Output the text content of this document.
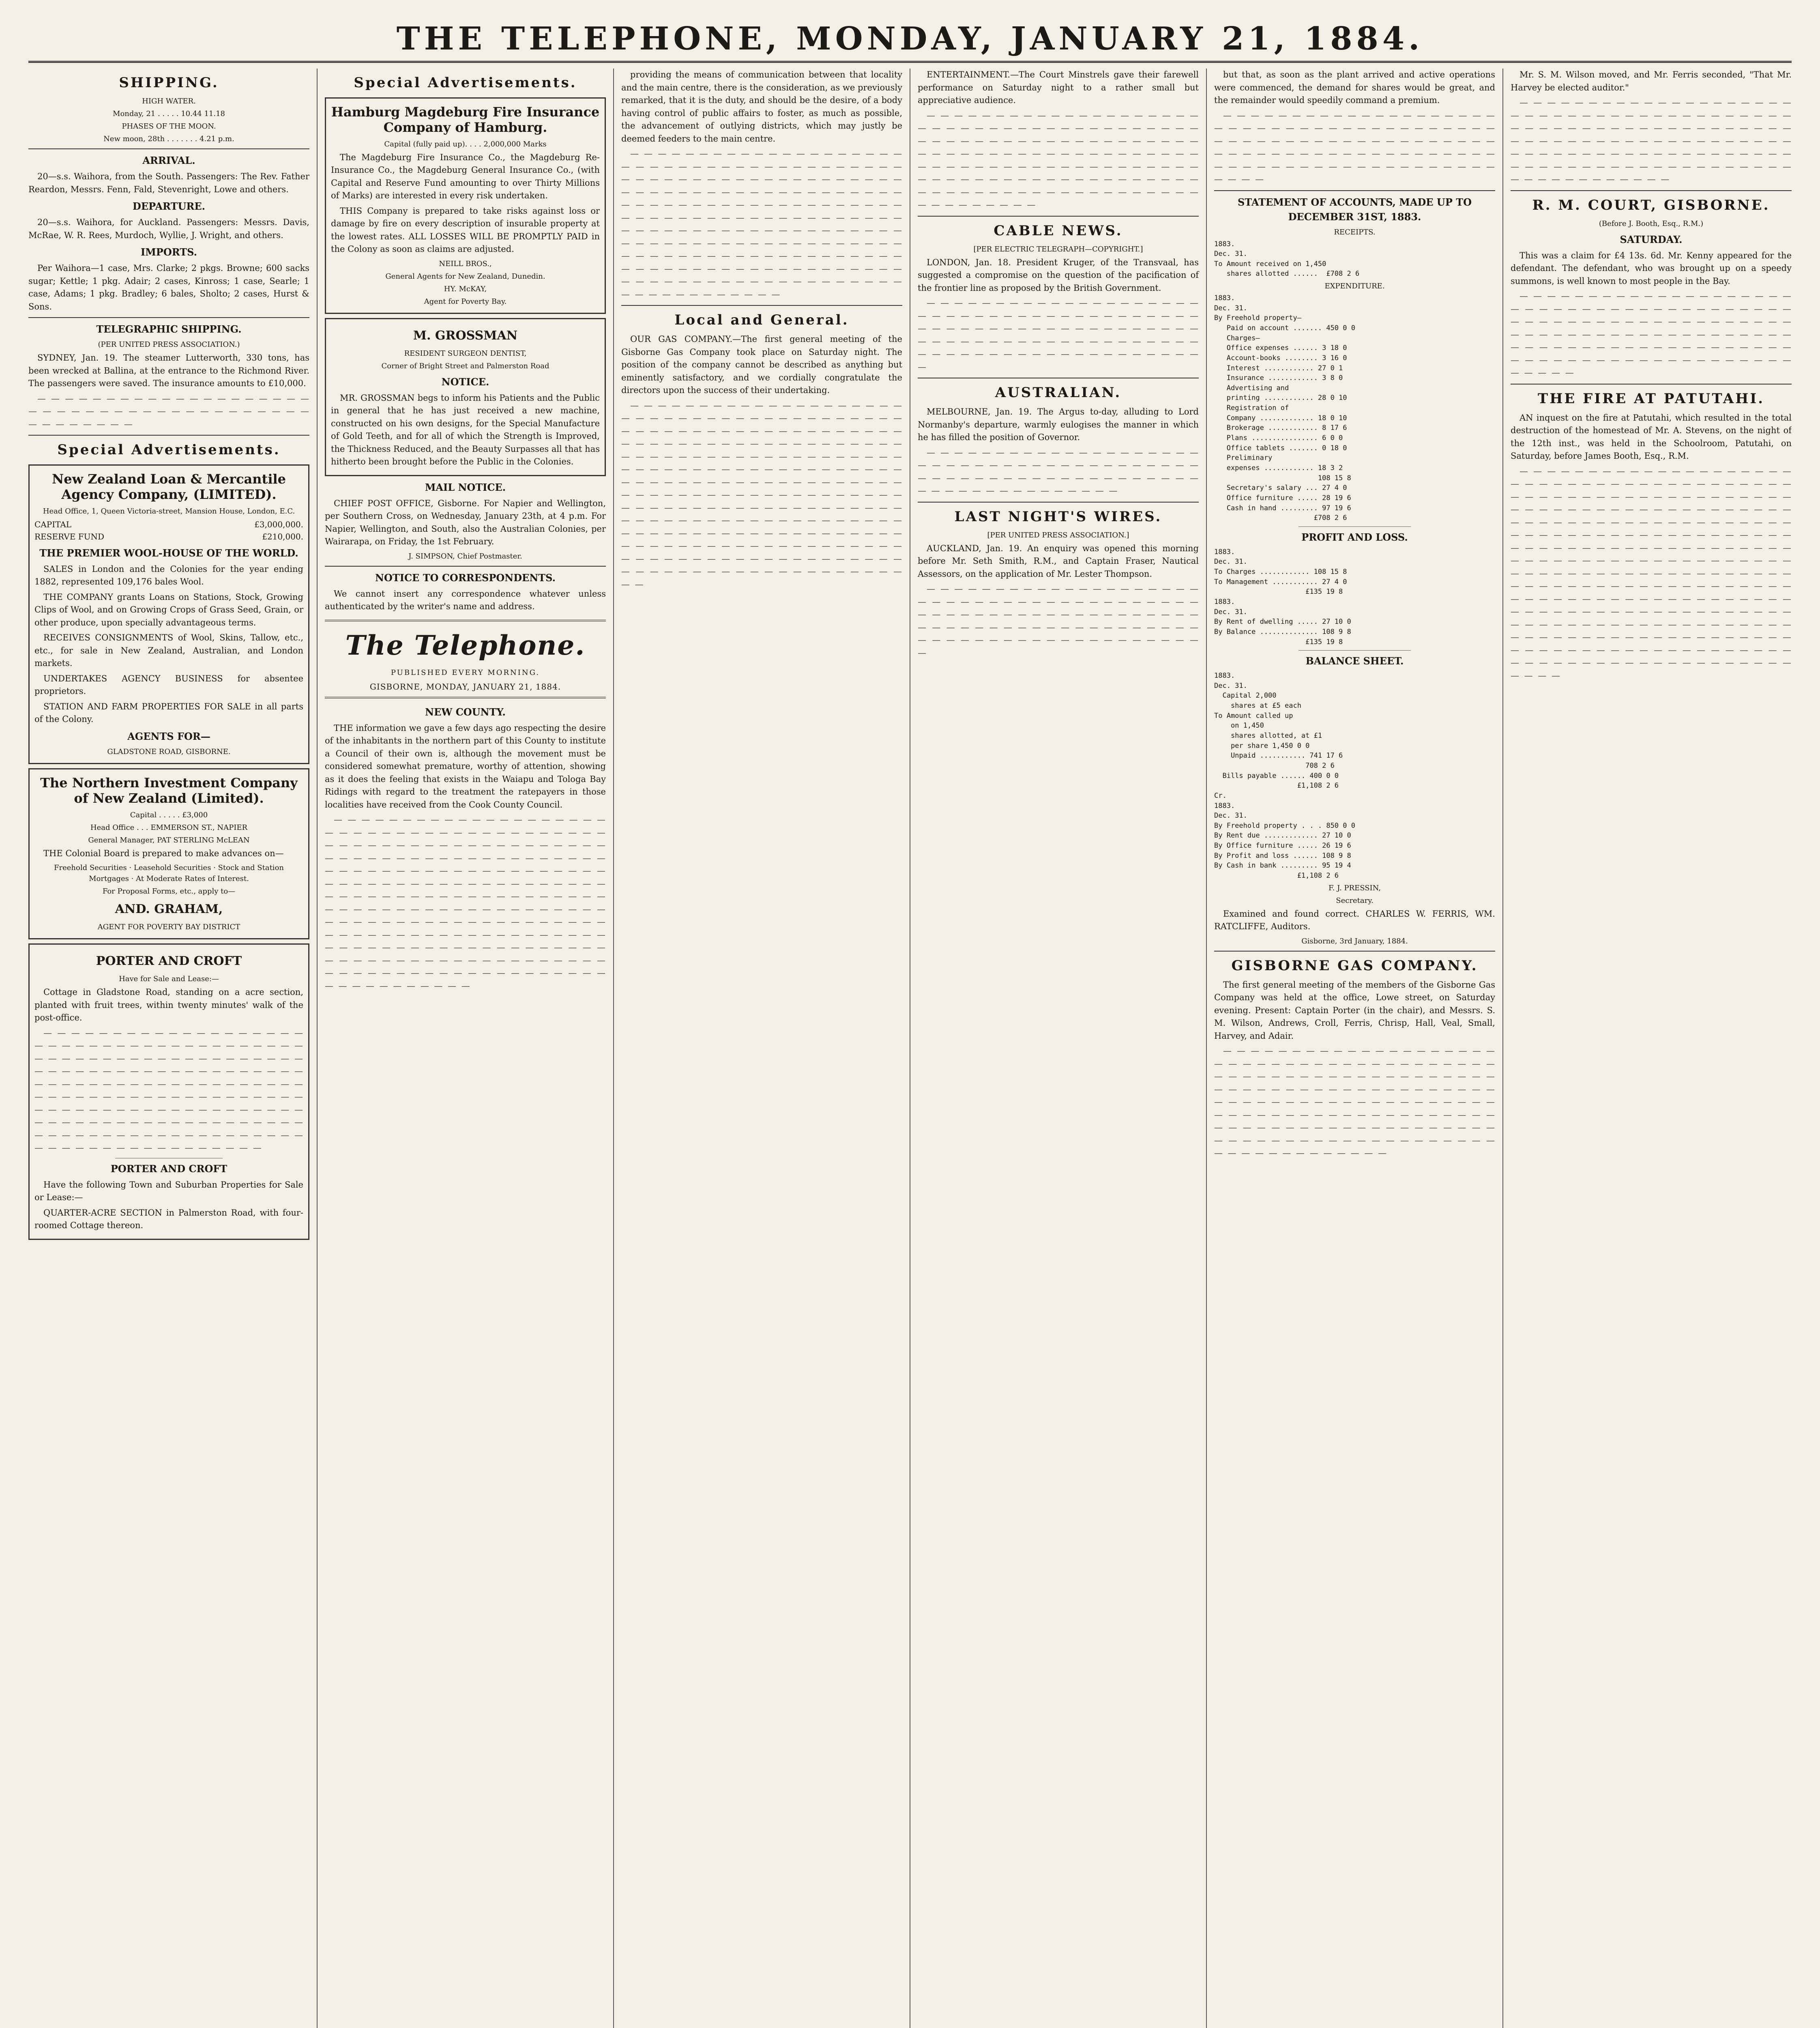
THE TELEPHONE, MONDAY, JANUARY 21, 1884.
SHIPPING.
HIGH WATER.
Monday, 21 . . . . . 10.44 11.18
PHASES OF THE MOON.
New moon, 28th . . . . . . . 4.21 p.m.
ARRIVAL.

20—s.s. Waihora, from the South. Passengers: The Rev. Father Reardon, Messrs. Fenn, Fald, Stevenright, Lowe and others.

DEPARTURE.

20—s.s. Waihora, for Auckland. Passengers: Messrs. Davis, McRae, W. R. Rees, Murdoch, Wyllie, J. Wright, and others.

IMPORTS.

Per Waihora—1 case, Mrs. Clarke; 2 pkgs. Browne; 600 sacks sugar; Kettle; 1 pkg. Adair; 2 cases, Kinross; 1 case, Searle; 1 case, Adams; 1 pkg. Bradley; 6 bales, Sholto; 2 cases, Hurst & Sons.

TELEGRAPHIC SHIPPING.
(PER UNITED PRESS ASSOCIATION.)

SYDNEY, Jan. 19. The steamer Lutterworth, 330 tons, has been wrecked at Ballina, at the entrance to the Richmond River. The passengers were saved. The insurance amounts to £10,000.

— — — — — — — — — — — — — — — — — — — — — — — — — — — — — — — — — — — — — — — — — — — — — — — —

Special Advertisements.
New Zealand Loan & Mercantile Agency Company, (LIMITED).
Head Office, 1, Queen Victoria-street, Mansion House, London, E.C.
CAPITAL	£3,000,000.
RESERVE FUND	£210,000.
THE PREMIER WOOL-HOUSE OF THE WORLD.

SALES in London and the Colonies for the year ending 1882, represented 109,176 bales Wool.

THE COMPANY grants Loans on Stations, Stock, Growing Clips of Wool, and on Growing Crops of Grass Seed, Grain, or other produce, upon specially advantageous terms.

RECEIVES CONSIGNMENTS of Wool, Skins, Tallow, etc., etc., for sale in New Zealand, Australian, and London markets.

UNDERTAKES AGENCY BUSINESS for absentee proprietors.

STATION AND FARM PROPERTIES FOR SALE in all parts of the Colony.

AGENTS FOR—
GLADSTONE ROAD, GISBORNE.
The Northern Investment Company of New Zealand (Limited).
Capital . . . . . £3,000
Head Office . . . EMMERSON ST., NAPIER
General Manager, PAT STERLING McLEAN

THE Colonial Board is prepared to make advances on—

Freehold Securities · Leasehold Securities · Stock and Station Mortgages · At Moderate Rates of Interest.
For Proposal Forms, etc., apply to—
AND. GRAHAM,
AGENT FOR POVERTY BAY DISTRICT
PORTER AND CROFT
Have for Sale and Lease:—

Cottage in Gladstone Road, standing on a acre section, planted with fruit trees, within twenty minutes' walk of the post-office.

— — — — — — — — — — — — — — — — — — — — — — — — — — — — — — — — — — — — — — — — — — — — — — — — — — — — — — — — — — — — — — — — — — — — — — — — — — — — — — — — — — — — — — — — — — — — — — — — — — — — — — — — — — — — — — — — — — — — — — — — — — — — — — — — — — — — — — — — — — — — — — — — — — — — — — — — — — — — — — — — — — — — — — — — — — — — — — — — — — — — — — — — — — — — — — — — — — — —

PORTER AND CROFT

Have the following Town and Suburban Properties for Sale or Lease:—

QUARTER-ACRE SECTION in Palmerston Road, with four-roomed Cottage thereon.

Special Advertisements.
Hamburg Magdeburg Fire Insurance Company of Hamburg.
Capital (fully paid up). . . . 2,000,000 Marks

The Magdeburg Fire Insurance Co., the Magdeburg Re-Insurance Co., the Magdeburg General Insurance Co., (with Capital and Reserve Fund amounting to over Thirty Millions of Marks) are interested in every risk undertaken.

THIS Company is prepared to take risks against loss or damage by fire on every description of insurable property at the lowest rates. ALL LOSSES WILL BE PROMPTLY PAID in the Colony as soon as claims are adjusted.

NEILL BROS.,
General Agents for New Zealand, Dunedin.
HY. McKAY,
Agent for Poverty Bay.
M. GROSSMAN
RESIDENT SURGEON DENTIST,
Corner of Bright Street and Palmerston Road
NOTICE.

MR. GROSSMAN begs to inform his Patients and the Public in general that he has just received a new machine, constructed on his own designs, for the Special Manufacture of Gold Teeth, and for all of which the Strength is Improved, the Thickness Reduced, and the Beauty Surpasses all that has hitherto been brought before the Public in the Colonies.

MAIL NOTICE.

CHIEF POST OFFICE, Gisborne. For Napier and Wellington, per Southern Cross, on Wednesday, January 23th, at 4 p.m. For Napier, Wellington, and South, also the Australian Colonies, per Wairarapa, on Friday, the 1st February.

J. SIMPSON, Chief Postmaster.
NOTICE TO CORRESPONDENTS.

We cannot insert any correspondence whatever unless authenticated by the writer's name and address.

The Telephone.
PUBLISHED EVERY MORNING.
GISBORNE, MONDAY, JANUARY 21, 1884.
NEW COUNTY.

THE information we gave a few days ago respecting the desire of the inhabitants in the northern part of this County to institute a Council of their own is, although the movement must be considered somewhat premature, worthy of attention, showing as it does the feeling that exists in the Waiapu and Tologa Bay Ridings with regard to the treatment the ratepayers in those localities have received from the Cook County Council.

— — — — — — — — — — — — — — — — — — — — — — — — — — — — — — — — — — — — — — — — — — — — — — — — — — — — — — — — — — — — — — — — — — — — — — — — — — — — — — — — — — — — — — — — — — — — — — — — — — — — — — — — — — — — — — — — — — — — — — — — — — — — — — — — — — — — — — — — — — — — — — — — — — — — — — — — — — — — — — — — — — — — — — — — — — — — — — — — — — — — — — — — — — — — — — — — — — — — — — — — — — — — — — — — — — — — — — — — — — — — — — — — — — — — — — — — — — — — — — — — — — — — — — — — — — — — — — — — — — — — — — — — — — — — — — —

providing the means of communication between that locality and the main centre, there is the consideration, as we previously remarked, that it is the duty, and should be the desire, of a body having control of public affairs to foster, as much as possible, the advancement of outlying districts, which may justly be deemed feeders to the main centre.

— — — — — — — — — — — — — — — — — — — — — — — — — — — — — — — — — — — — — — — — — — — — — — — — — — — — — — — — — — — — — — — — — — — — — — — — — — — — — — — — — — — — — — — — — — — — — — — — — — — — — — — — — — — — — — — — — — — — — — — — — — — — — — — — — — — — — — — — — — — — — — — — — — — — — — — — — — — — — — — — — — — — — — — — — — — — — — — — — — — — — — — — — — — — — — — — — — — — — — — — — — — — — — — — — — — — — — — — — — — — — — — — — — — — — — — —

Local and General.

OUR GAS COMPANY.—The first general meeting of the Gisborne Gas Company took place on Saturday night. The position of the company cannot be described as anything but eminently satisfactory, and we cordially congratulate the directors upon the success of their undertaking.

— — — — — — — — — — — — — — — — — — — — — — — — — — — — — — — — — — — — — — — — — — — — — — — — — — — — — — — — — — — — — — — — — — — — — — — — — — — — — — — — — — — — — — — — — — — — — — — — — — — — — — — — — — — — — — — — — — — — — — — — — — — — — — — — — — — — — — — — — — — — — — — — — — — — — — — — — — — — — — — — — — — — — — — — — — — — — — — — — — — — — — — — — — — — — — — — — — — — — — — — — — — — — — — — — — — — — — — — — — — — — — — — — — — — — — — — — — — — — — — — — — — — — — — — — — — — — — — — — — — — — — — — — — — — — — — — — — — — — — — — — —

ENTERTAINMENT.—The Court Minstrels gave their farewell performance on Saturday night to a rather small but appreciative audience.

— — — — — — — — — — — — — — — — — — — — — — — — — — — — — — — — — — — — — — — — — — — — — — — — — — — — — — — — — — — — — — — — — — — — — — — — — — — — — — — — — — — — — — — — — — — — — — — — — — — — — — — — — — — — — — — — — — — — — — — — — — — — — — — — — — — — — — — — — — — — — — — — — — — — —

CABLE NEWS.
[PER ELECTRIC TELEGRAPH—COPYRIGHT.]

LONDON, Jan. 18. President Kruger, of the Transvaal, has suggested a compromise on the question of the pacification of the frontier line as proposed by the British Government.

— — — — — — — — — — — — — — — — — — — — — — — — — — — — — — — — — — — — — — — — — — — — — — — — — — — — — — — — — — — — — — — — — — — — — — — — — — — — — — — — — — — — — — — — — — — — — — — — — — — — —

AUSTRALIAN.

MELBOURNE, Jan. 19. The Argus to-day, alluding to Lord Normanby's departure, warmly eulogises the manner in which he has filled the position of Governor.

— — — — — — — — — — — — — — — — — — — — — — — — — — — — — — — — — — — — — — — — — — — — — — — — — — — — — — — — — — — — — — — — — — — — — — — — — — —

LAST NIGHT'S WIRES.
[PER UNITED PRESS ASSOCIATION.]

AUCKLAND, Jan. 19. An enquiry was opened this morning before Mr. Seth Smith, R.M., and Captain Fraser, Nautical Assessors, on the application of Mr. Lester Thompson.

— — — — — — — — — — — — — — — — — — — — — — — — — — — — — — — — — — — — — — — — — — — — — — — — — — — — — — — — — — — — — — — — — — — — — — — — — — — — — — — — — — — — — — — — — — — — — — — — — — — — —

but that, as soon as the plant arrived and active operations were commenced, the demand for shares would be great, and the remainder would speedily command a premium.

— — — — — — — — — — — — — — — — — — — — — — — — — — — — — — — — — — — — — — — — — — — — — — — — — — — — — — — — — — — — — — — — — — — — — — — — — — — — — — — — — — — — — — — — — — — — — — — — — — — — — — — —

STATEMENT OF ACCOUNTS, MADE UP TO DECEMBER 31ST, 1883.
RECEIPTS.
1883.
Dec. 31.
To Amount received on 1,450
shares allotted ......  £708 2 6
EXPENDITURE.
1883.
Dec. 31.
By Freehold property—
Paid on account ....... 450 0 0
Charges—
Office expenses ...... 3 18 0
Account-books ........ 3 16 0
Interest ............ 27 0 1
Insurance ............ 3 8 0
Advertising and
printing ............ 28 0 10
Registration of
Company ............. 18 0 10
Brokerage ............ 8 17 6
Plans ................ 6 0 0
Office tablets ....... 0 18 0
Preliminary
expenses ............ 18 3 2
108 15 8
Secretary's salary ... 27 4 0
Office furniture ..... 28 19 6
Cash in hand ......... 97 19 6
£708 2 6
PROFIT AND LOSS.
1883.
Dec. 31.
To Charges ............ 108 15 8
To Management ........... 27 4 0
£135 19 8
1883.
Dec. 31.
By Rent of dwelling ..... 27 10 0
By Balance .............. 108 9 8
£135 19 8
BALANCE SHEET.
1883.
Dec. 31.
Capital 2,000
shares at £5 each
To Amount called up
on 1,450
shares allotted, at £1
per share 1,450 0 0
Unpaid ........... 741 17 6
708 2 6
Bills payable ...... 400 0 0
£1,108 2 6
Cr.
1883.
Dec. 31.
By Freehold property . . . 850 0 0
By Rent due ............. 27 10 0
By Office furniture ..... 26 19 6
By Profit and loss ...... 108 9 8
By Cash in bank ......... 95 19 4
£1,108 2 6
F. J. PRESSIN,
Secretary.

Examined and found correct. CHARLES W. FERRIS, WM. RATCLIFFE, Auditors.

Gisborne, 3rd January, 1884.
GISBORNE GAS COMPANY.

The first general meeting of the members of the Gisborne Gas Company was held at the office, Lowe street, on Saturday evening. Present: Captain Porter (in the chair), and Messrs. S. M. Wilson, Andrews, Croll, Ferris, Chrisp, Hall, Veal, Small, Harvey, and Adair.

— — — — — — — — — — — — — — — — — — — — — — — — — — — — — — — — — — — — — — — — — — — — — — — — — — — — — — — — — — — — — — — — — — — — — — — — — — — — — — — — — — — — — — — — — — — — — — — — — — — — — — — — — — — — — — — — — — — — — — — — — — — — — — — — — — — — — — — — — — — — — — — — — — — — — — — — — — — — — — — — — — — — — — — — — — — — —

Mr. S. M. Wilson moved, and Mr. Ferris seconded, "That Mr. Harvey be elected auditor."

— — — — — — — — — — — — — — — — — — — — — — — — — — — — — — — — — — — — — — — — — — — — — — — — — — — — — — — — — — — — — — — — — — — — — — — — — — — — — — — — — — — — — — — — — — — — — — — — — — — — — — — — — — — — — — — — — — — — — — — — — — — — — — — — — — — —

R. M. COURT, GISBORNE.
(Before J. Booth, Esq., R.M.)
SATURDAY.

This was a claim for £4 13s. 6d. Mr. Kenny appeared for the defendant. The defendant, who was brought up on a speedy summons, is well known to most people in the Bay.

— — — — — — — — — — — — — — — — — — — — — — — — — — — — — — — — — — — — — — — — — — — — — — — — — — — — — — — — — — — — — — — — — — — — — — — — — — — — — — — — — — — — — — — — — — — — — — — — — — — — — — — — — — — — — — — — — — — — — — — — — — — — —

THE FIRE AT PATUTAHI.

AN inquest on the fire at Patutahi, which resulted in the total destruction of the homestead of Mr. A. Stevens, on the night of the 12th inst., was held in the Schoolroom, Patutahi, on Saturday, before James Booth, Esq., R.M.

— — — — — — — — — — — — — — — — — — — — — — — — — — — — — — — — — — — — — — — — — — — — — — — — — — — — — — — — — — — — — — — — — — — — — — — — — — — — — — — — — — — — — — — — — — — — — — — — — — — — — — — — — — — — — — — — — — — — — — — — — — — — — — — — — — — — — — — — — — — — — — — — — — — — — — — — — — — — — — — — — — — — — — — — — — — — — — — — — — — — — — — — — — — — — — — — — — — — — — — — — — — — — — — — — — — — — — — — — — — — — — — — — — — — — — — — — — — — — — — — — — — — — — — — — — — — — — — — — — — — — — — — — — — — — — — — — — — — — — — — — — — — — — — — — — — — — — — — — — — — — — — — — — — — — — — — — — — — — — — — — — — —
